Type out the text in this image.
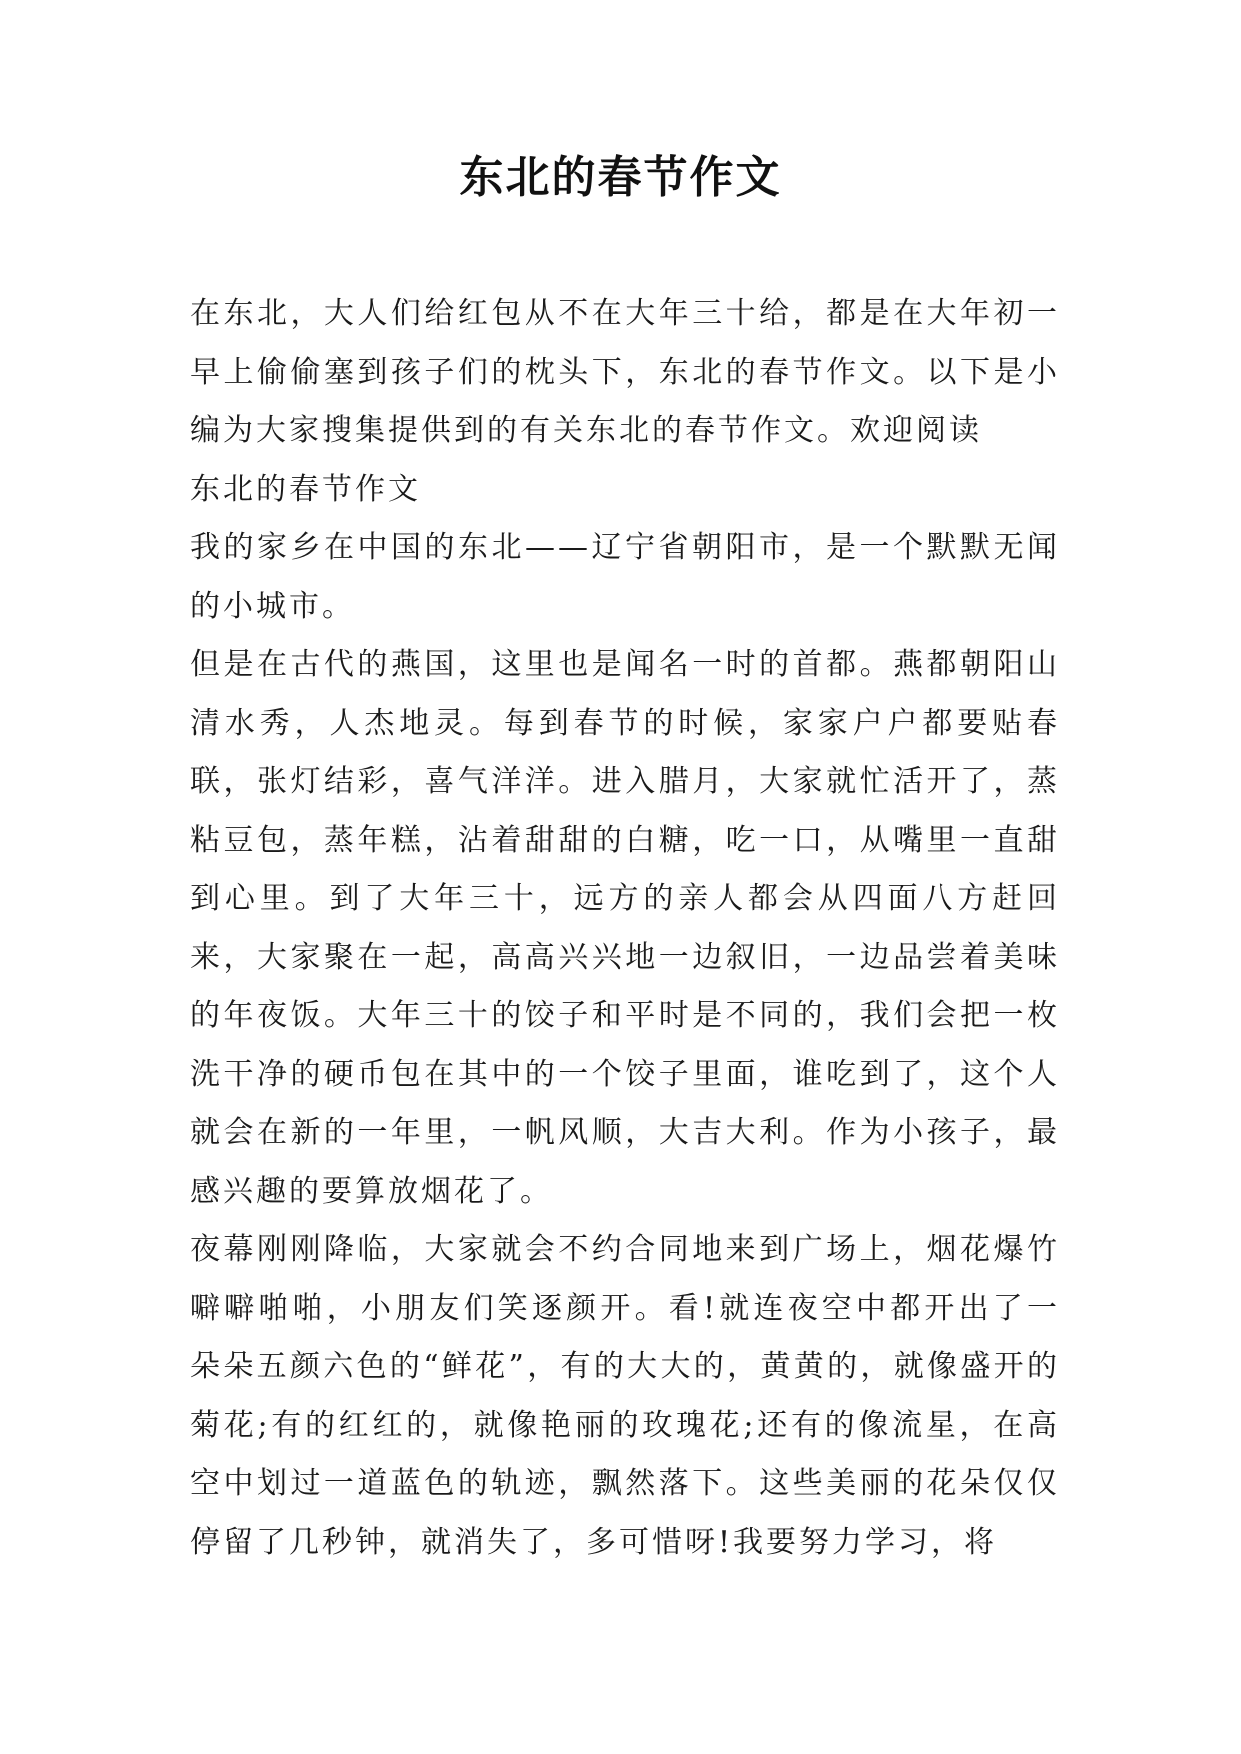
东北的春节作文

在东北，大人们给红包从不在大年三十给，都是在大年初一早上偷偷塞到孩子们的枕头下，东北的春节作文。以下是小编为大家搜集提供到的有关东北的春节作文。欢迎阅读

东北的春节作文

我的家乡在中国的东北——辽宁省朝阳市，是一个默默无闻的小城市。

但是在古代的燕国，这里也是闻名一时的首都。燕都朝阳山清水秀，人杰地灵。每到春节的时候，家家户户都要贴春联，张灯结彩，喜气洋洋。进入腊月，大家就忙活开了，蒸粘豆包，蒸年糕，沾着甜甜的白糖，吃一口，从嘴里一直甜到心里。到了大年三十，远方的亲人都会从四面八方赶回来，大家聚在一起，高高兴兴地一边叙旧，一边品尝着美味的年夜饭。大年三十的饺子和平时是不同的，我们会把一枚洗干净的硬币包在其中的一个饺子里面，谁吃到了，这个人就会在新的一年里，一帆风顺，大吉大利。作为小孩子，最感兴趣的要算放烟花了。

夜幕刚刚降临，大家就会不约合同地来到广场上，烟花爆竹噼噼啪啪，小朋友们笑逐颜开。看!就连夜空中都开出了一朵朵五颜六色的“鲜花”，有的大大的，黄黄的，就像盛开的菊花;有的红红的，就像艳丽的玫瑰花;还有的像流星，在高空中划过一道蓝色的轨迹，飘然落下。这些美丽的花朵仅仅停留了几秒钟，就消失了，多可惜呀!我要努力学习，将
